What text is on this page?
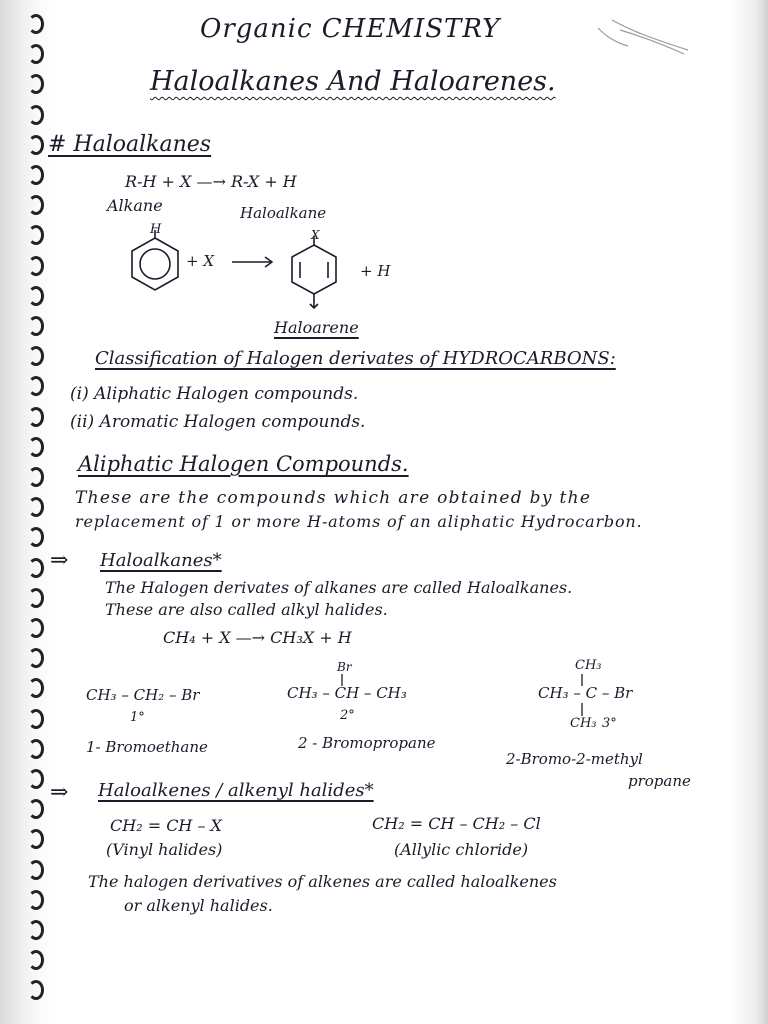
Organic CHEMISTRY
Haloalkanes And Haloarenes.
# Haloalkanes
R-H + X —→ R-X + H
Alkane	Haloalkane
H
+ X
X
+ H
Haloarene
Classification of Halogen derivates of HYDROCARBONS:
(i) Aliphatic Halogen compounds.
(ii) Aromatic Halogen compounds.
Aliphatic Halogen Compounds.
These are the compounds which are obtained by the
replacement of 1 or more H-atoms of an aliphatic Hydrocarbon.
⇒ Haloalkanes*
The Halogen derivates of alkanes are called Haloalkanes.
These are also called alkyl halides.
CH₄ + X —→ CH₃X + H
CH₃ – CH₂ – Br
1°
1- Bromoethane
Br
CH₃ – CH – CH₃
2°
2 - Bromopropane
CH₃
CH₃ – C – Br
CH₃ 3°
2-Bromo-2-methyl
propane
⇒ Haloalkenes / alkenyl halides*
CH₂ = CH – X
(Vinyl halides)
CH₂ = CH – CH₂ – Cl
(Allylic chloride)
The halogen derivatives of alkenes are called haloalkenes
or alkenyl halides.
